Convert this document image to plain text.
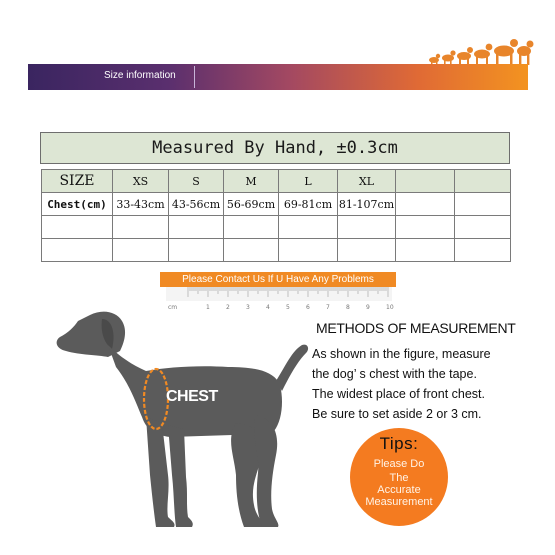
Size information
Measured By Hand, ±0.3cm
SIZE	XS	S	M	L	XL		
Chest(cm)	33-43cm	43-56cm	56-69cm	69-81cm	81-107cm		

Please Contact Us If U Have Any Problems
cm	1	2	3	4	5	6	7	8	9	10
CHEST
METHODS OF MEASUREMENT
As shown in the figure, measure
the dog’ s chest with the tape.
The widest place of front chest.
Be sure to set aside 2 or 3 cm.
Tips:
Please Do
The
Accurate
Measurement
